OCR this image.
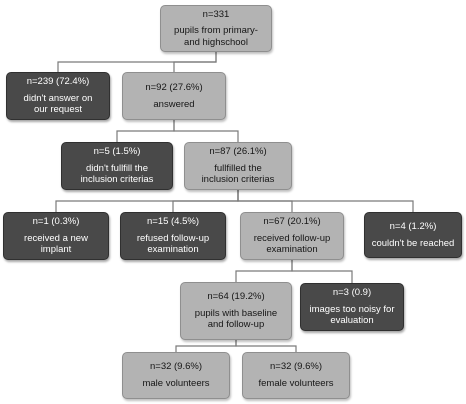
n=331
pupils from primary-
and highschool
n=239 (72.4%)
didn't answer on
our request
n=92 (27.6%)
answered
n=5 (1.5%)
didn't fullfill the
inclusion criterias
n=87 (26.1%)
fullfilled the
inclusion criterias
n=1 (0.3%)
received a new
implant
n=15 (4.5%)
refused follow-up
examination
n=67 (20.1%)
received follow-up
examination
n=4 (1.2%)
couldn't be reached
n=64 (19.2%)
pupils with baseline
and follow-up
n=3 (0.9)
images too noisy for
evaluation
n=32 (9.6%)
male volunteers
n=32 (9.6%)
female volunteers
